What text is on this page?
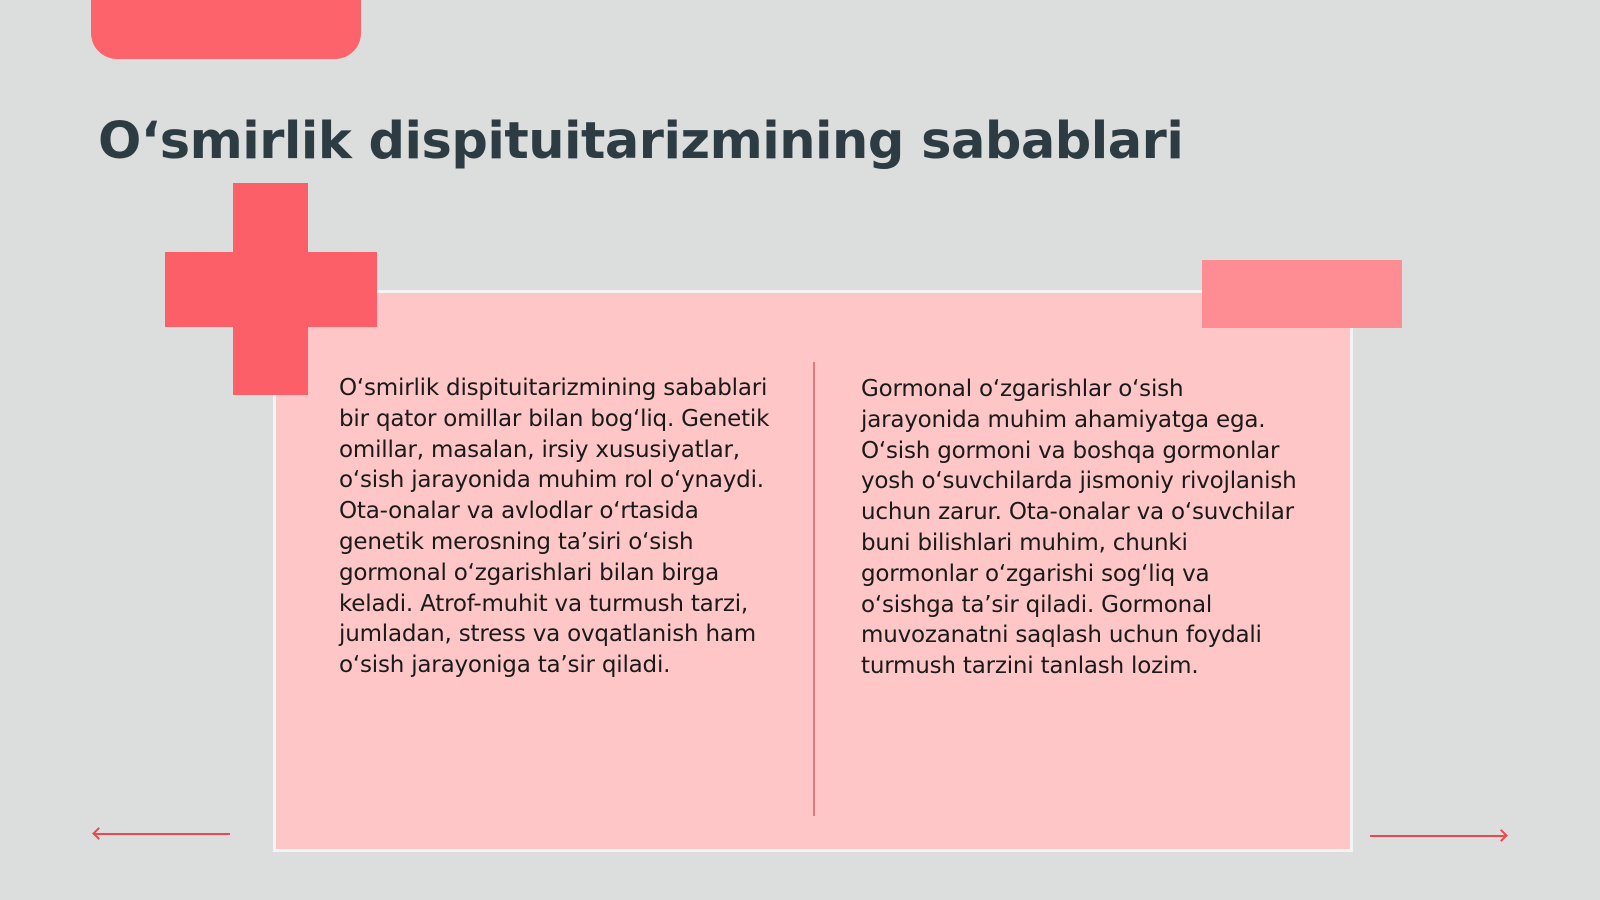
O‘smirlik dispituitarizmining sabablari

O‘smirlik dispituitarizmining sabablari bir qator omillar bilan bog‘liq. Genetik omillar, masalan, irsiy xususiyatlar, o‘sish jarayonida muhim rol o‘ynaydi. Ota-onalar va avlodlar o‘rtasida genetik merosning ta’siri o‘sish gormonal o‘zgarishlari bilan birga keladi. Atrof-muhit va turmush tarzi, jumladan, stress va ovqatlanish ham o‘sish jarayoniga ta’sir qiladi.

Gormonal o‘zgarishlar o‘sish jarayonida muhim ahamiyatga ega. O‘sish gormoni va boshqa gormonlar yosh o‘suvchilarda jismoniy rivojlanish uchun zarur. Ota-onalar va o‘suvchilar buni bilishlari muhim, chunki gormonlar o‘zgarishi sog‘liq va o‘sishga ta’sir qiladi. Gormonal muvozanatni saqlash uchun foydali turmush tarzini tanlash lozim.
